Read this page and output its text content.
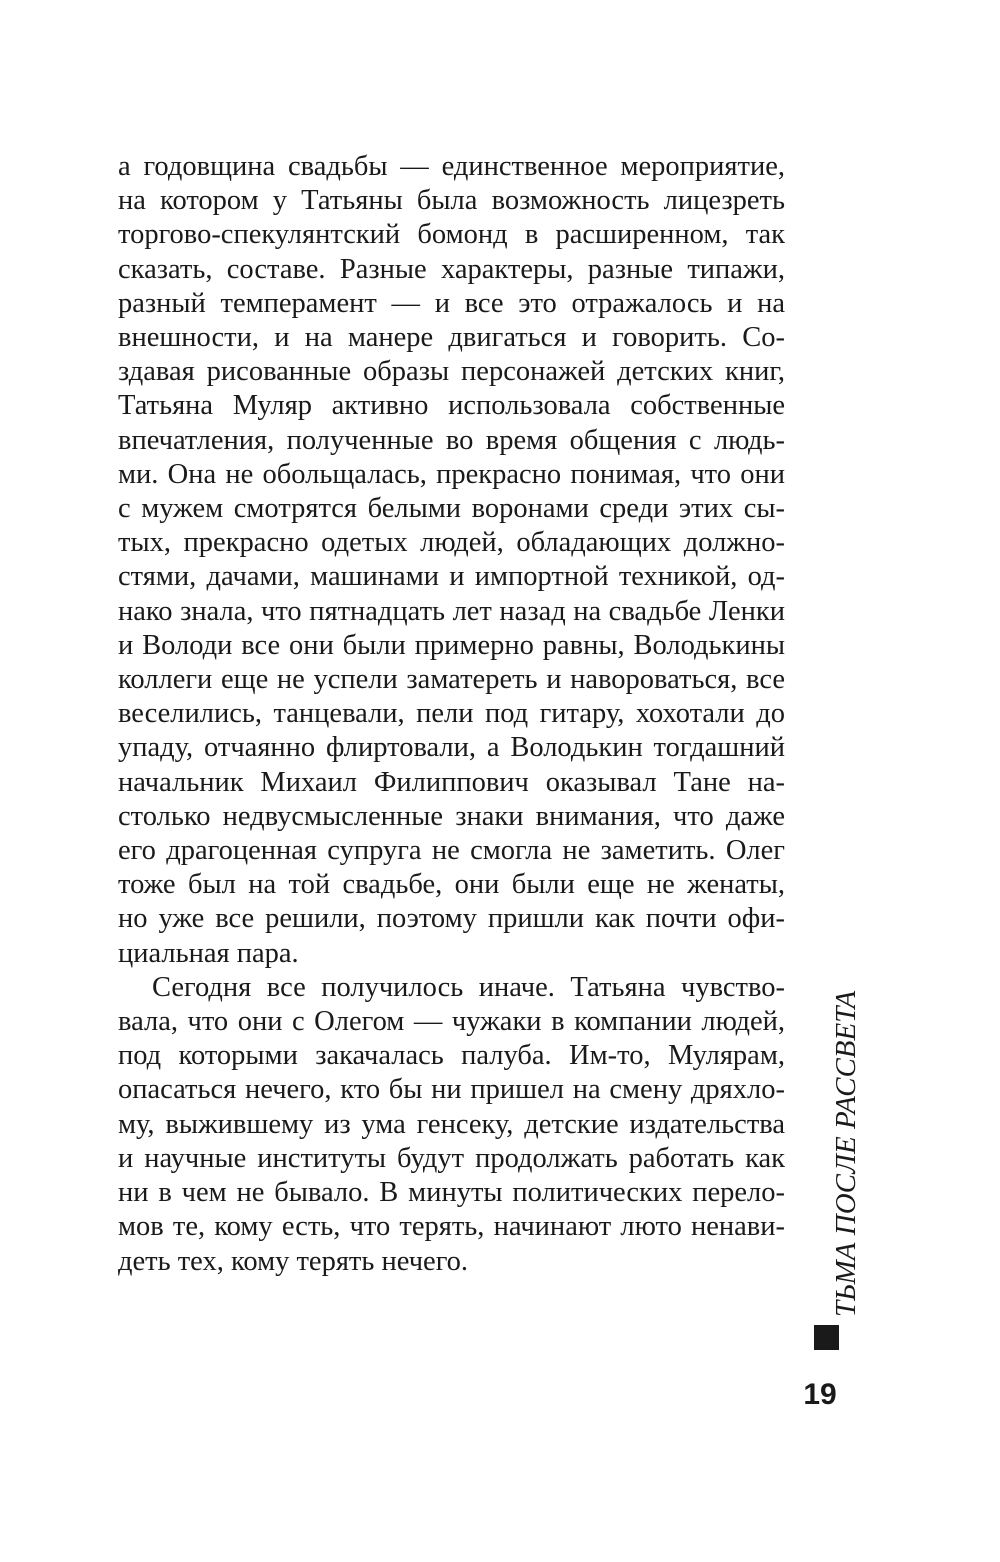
а годовщина свадьбы — единственное мероприятие,
на котором у Татьяны была возможность лицезреть
торгово-спекулянтский бомонд в расширенном, так
сказать, составе. Разные характеры, разные типажи,
разный темперамент — и все это отражалось и на
внешности, и на манере двигаться и говорить. Со-
здавая рисованные образы персонажей детских книг,
Татьяна Муляр активно использовала собственные
впечатления, полученные во время общения с людь-
ми. Она не обольщалась, прекрасно понимая, что они
с мужем смотрятся белыми воронами среди этих сы-
тых, прекрасно одетых людей, обладающих должно-
стями, дачами, машинами и импортной техникой, од-
нако знала, что пятнадцать лет назад на свадьбе Ленки
и Володи все они были примерно равны, Володькины
коллеги еще не успели заматереть и навороваться, все
веселились, танцевали, пели под гитару, хохотали до
упаду, отчаянно флиртовали, а Володькин тогдашний
начальник Михаил Филиппович оказывал Тане на-
столько недвусмысленные знаки внимания, что даже
его драгоценная супруга не смогла не заметить. Олег
тоже был на той свадьбе, они были еще не женаты,
но уже все решили, поэтому пришли как почти офи-
циальная пара.

Сегодня все получилось иначе. Татьяна чувство-
вала, что они с Олегом — чужаки в компании людей,
под которыми закачалась палуба. Им-то, Мулярам,
опасаться нечего, кто бы ни пришел на смену дряхло-
му, выжившему из ума генсеку, детские издательства
и научные институты будут продолжать работать как
ни в чем не бывало. В минуты политических перело-
мов те, кому есть, что терять, начинают люто ненави-
деть тех, кому терять нечего.	ТЬМА ПОСЛЕ РАССВЕТА
19
